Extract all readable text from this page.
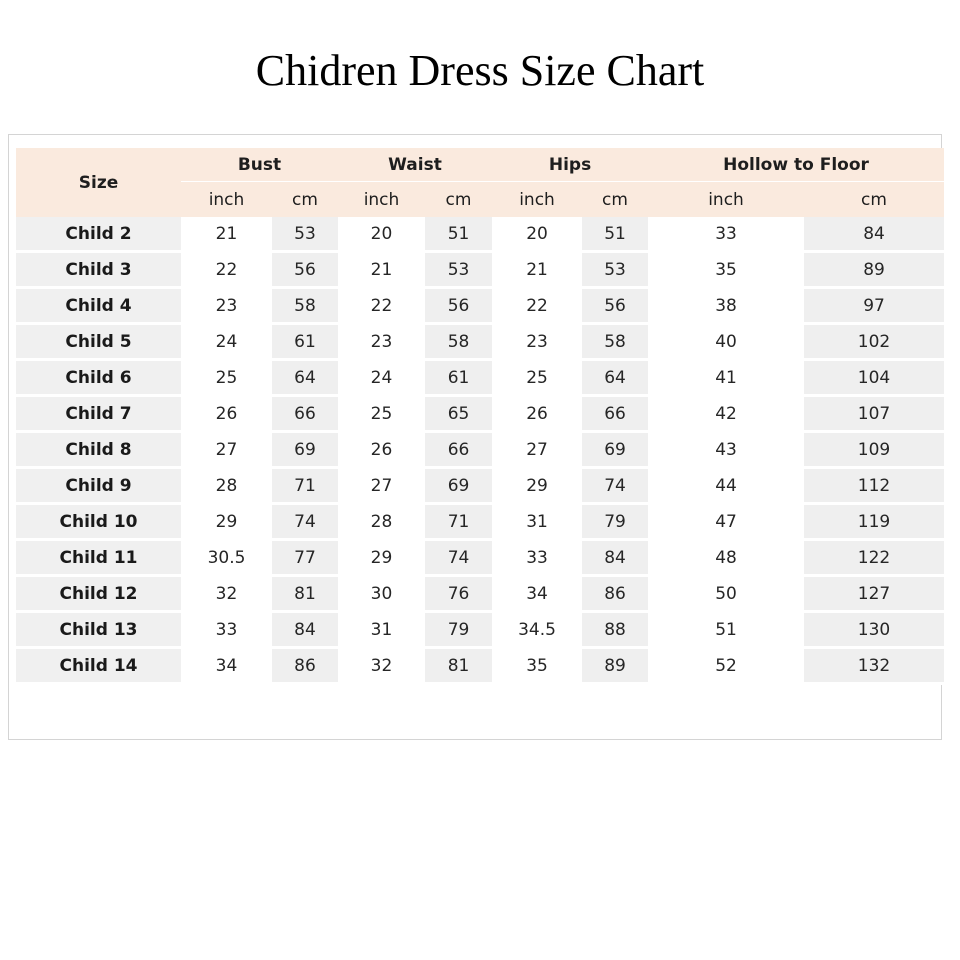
Chidren Dress Size Chart
Size	Bust		Waist		Hips		Hollow to Floor	
	inch	cm	inch	cm	inch	cm	inch	cm
Child 2	21	53	20	51	20	51	33	84
Child 3	22	56	21	53	21	53	35	89
Child 4	23	58	22	56	22	56	38	97
Child 5	24	61	23	58	23	58	40	102
Child 6	25	64	24	61	25	64	41	104
Child 7	26	66	25	65	26	66	42	107
Child 8	27	69	26	66	27	69	43	109
Child 9	28	71	27	69	29	74	44	112
Child 10	29	74	28	71	31	79	47	119
Child 11	30.5	77	29	74	33	84	48	122
Child 12	32	81	30	76	34	86	50	127
Child 13	33	84	31	79	34.5	88	51	130
Child 14	34	86	32	81	35	89	52	132
